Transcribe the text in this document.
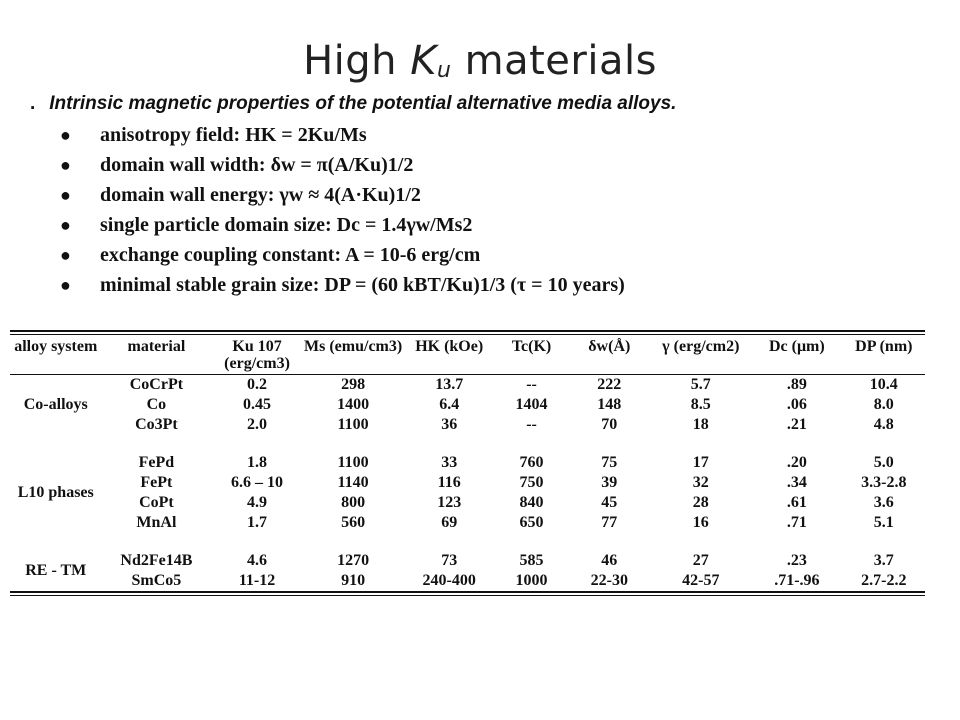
High $K_u$ materials
. Intrinsic magnetic properties of the potential alternative media alloys.
● anisotropy field: HK = 2Ku/Ms
● domain wall width: δw = π(A/Ku)1/2
● domain wall energy: γw ≈ 4(A·Ku)1/2
● single particle domain size: Dc = 1.4γw/Ms2
● exchange coupling constant: A = 10-6 erg/cm
● minimal stable grain size: DP = (60 kBT/Ku)1/3 (τ = 10 years)
alloy system	material	Ku 107 (erg/cm3)	Ms (emu/cm3)	HK (kOe)	Tc(K)	δw(Å)	γ (erg/cm2)	Dc (μm)	DP (nm)
Co-alloys	CoCrPt	0.2	298	13.7	--	222	5.7	.89	10.4
	Co	0.45	1400	6.4	1404	148	8.5	.06	8.0
	Co3Pt	2.0	1100	36	--	70	18	.21	4.8

L10 phases	FePd	1.8	1100	33	760	75	17	.20	5.0
	FePt	6.6 – 10	1140	116	750	39	32	.34	3.3-2.8
	CoPt	4.9	800	123	840	45	28	.61	3.6
	MnAl	1.7	560	69	650	77	16	.71	5.1

RE - TM	Nd2Fe14B	4.6	1270	73	585	46	27	.23	3.7
	SmCo5	11-12	910	240-400	1000	22-30	42-57	.71-.96	2.7-2.2
